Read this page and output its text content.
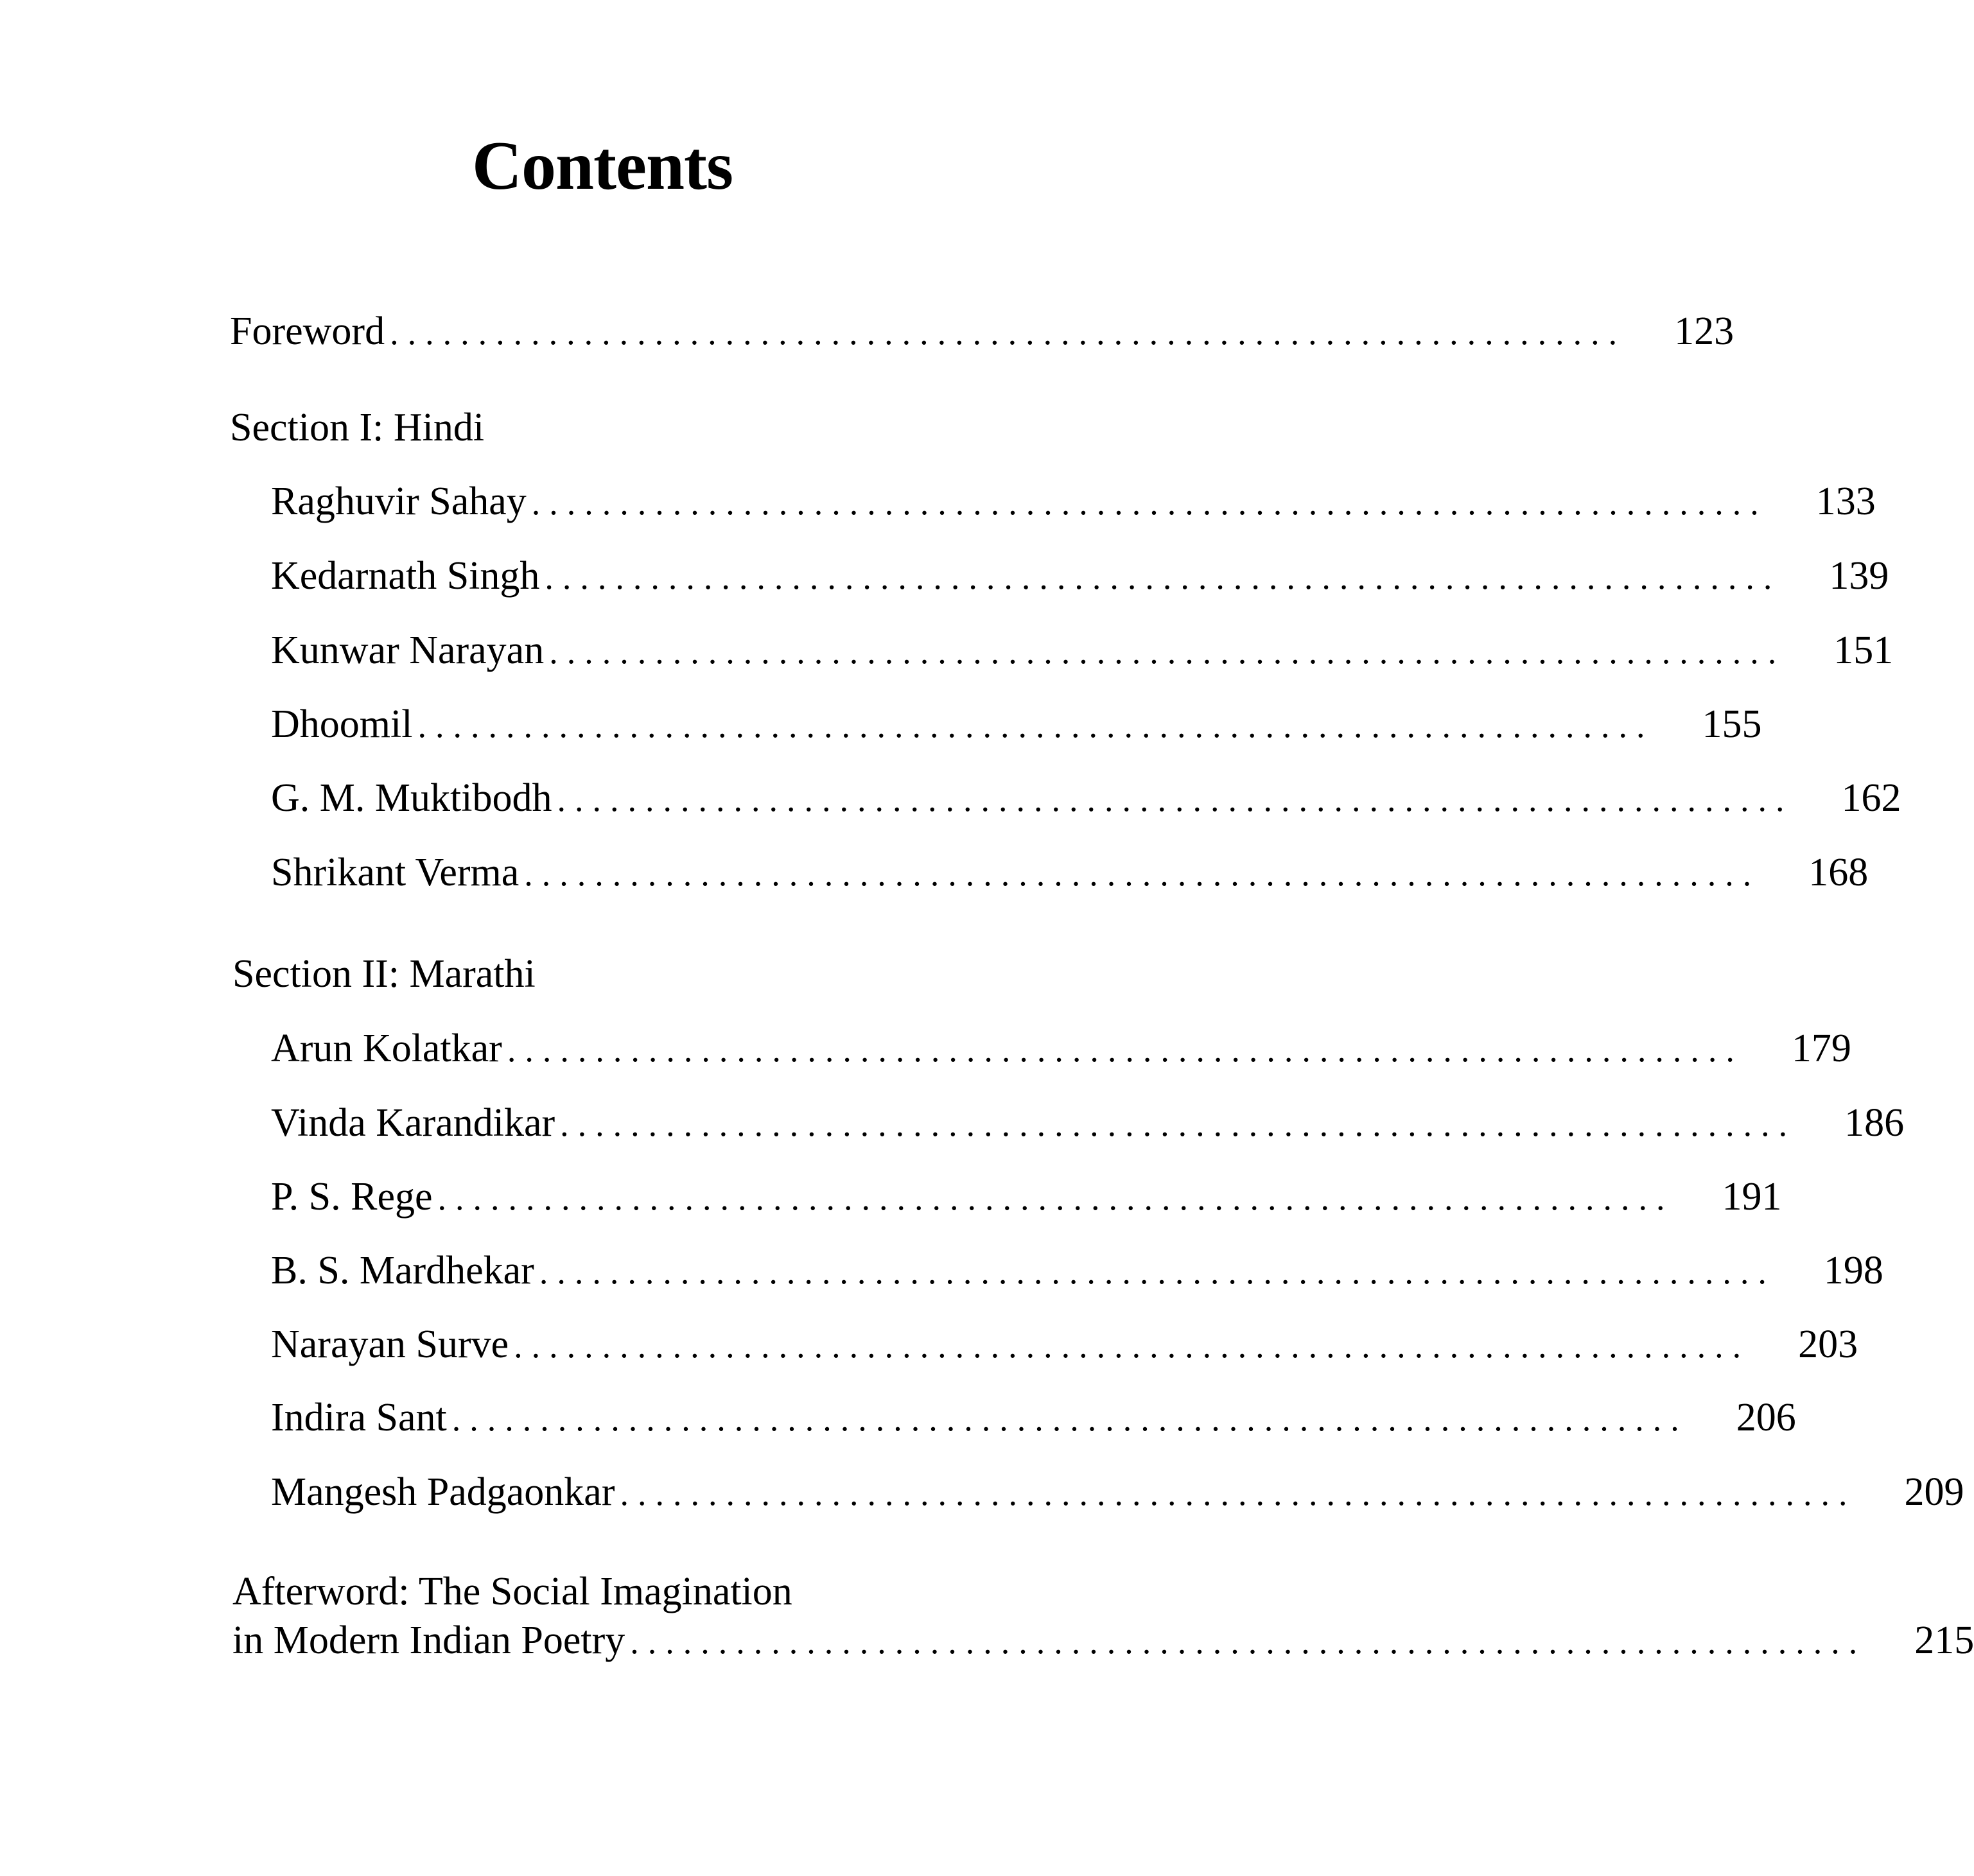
Contents
Foreword ...................................................................... 123
Section I: Hindi
Raghuvir Sahay ...................................................................... 133
Kedarnath Singh ...................................................................... 139
Kunwar Narayan ...................................................................... 151
Dhoomil ...................................................................... 155
G. M. Muktibodh ...................................................................... 162
Shrikant Verma ...................................................................... 168
Section II: Marathi
Arun Kolatkar ...................................................................... 179
Vinda Karandikar ...................................................................... 186
P. S. Rege ...................................................................... 191
B. S. Mardhekar ...................................................................... 198
Narayan Surve ...................................................................... 203
Indira Sant ...................................................................... 206
Mangesh Padgaonkar ...................................................................... 209
Afterword: The Social Imagination
in Modern Indian Poetry ...................................................................... 215
